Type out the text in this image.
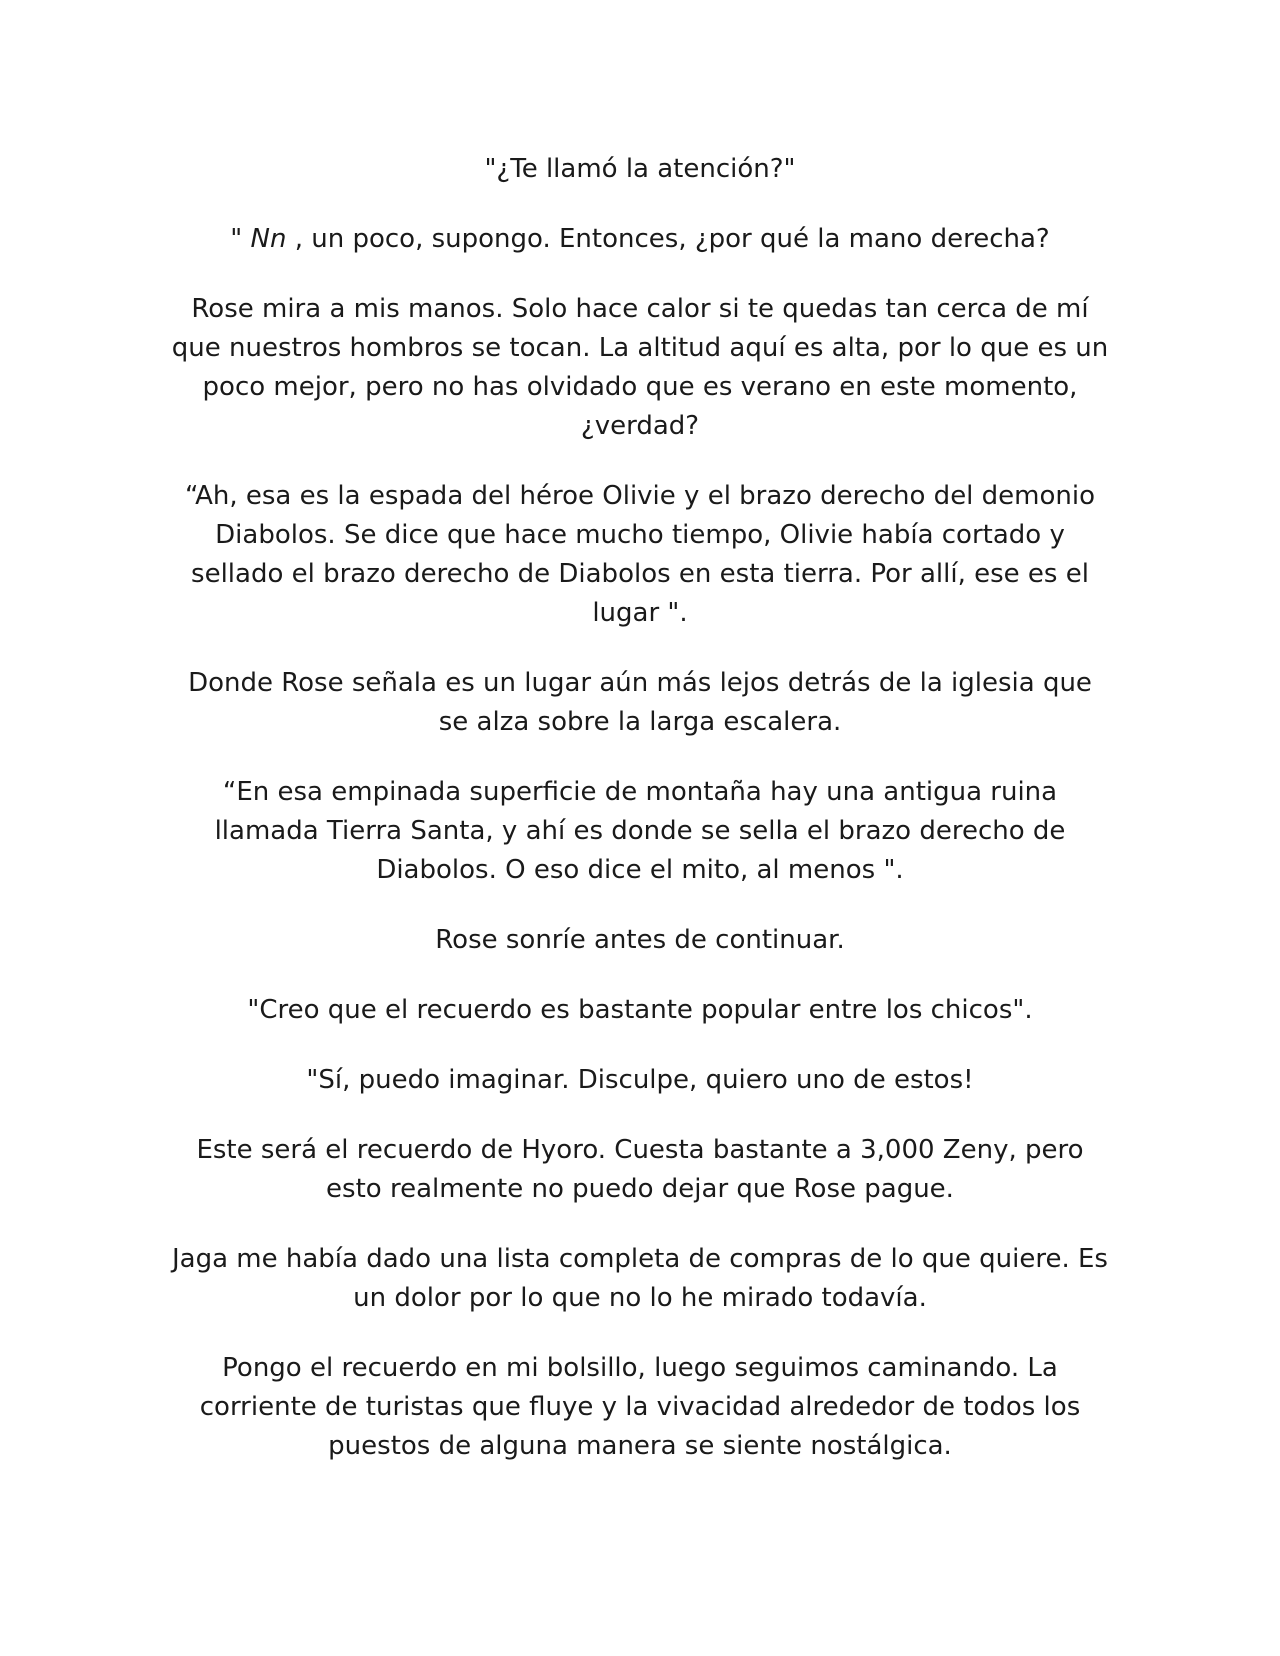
"¿Te llamó la atención?"

" Nn , un poco, supongo. Entonces, ¿por qué la mano derecha?

Rose mira a mis manos. Solo hace calor si te quedas tan cerca de mí que nuestros hombros se tocan. La altitud aquí es alta, por lo que es un poco mejor, pero no has olvidado que es verano en este momento, ¿verdad?

“Ah, esa es la espada del héroe Olivie y el brazo derecho del demonio Diabolos. Se dice que hace mucho tiempo, Olivie había cortado y sellado el brazo derecho de Diabolos en esta tierra. Por allí, ese es el lugar ".

Donde Rose señala es un lugar aún más lejos detrás de la iglesia que se alza sobre la larga escalera.

“En esa empinada superficie de montaña hay una antigua ruina llamada Tierra Santa, y ahí es donde se sella el brazo derecho de Diabolos. O eso dice el mito, al menos ".

Rose sonríe antes de continuar.

"Creo que el recuerdo es bastante popular entre los chicos".

"Sí, puedo imaginar. Disculpe, quiero uno de estos!

Este será el recuerdo de Hyoro. Cuesta bastante a 3,000 Zeny, pero esto realmente no puedo dejar que Rose pague.

Jaga me había dado una lista completa de compras de lo que quiere. Es un dolor por lo que no lo he mirado todavía.

Pongo el recuerdo en mi bolsillo, luego seguimos caminando. La corriente de turistas que fluye y la vivacidad alrededor de todos los puestos de alguna manera se siente nostálgica.
